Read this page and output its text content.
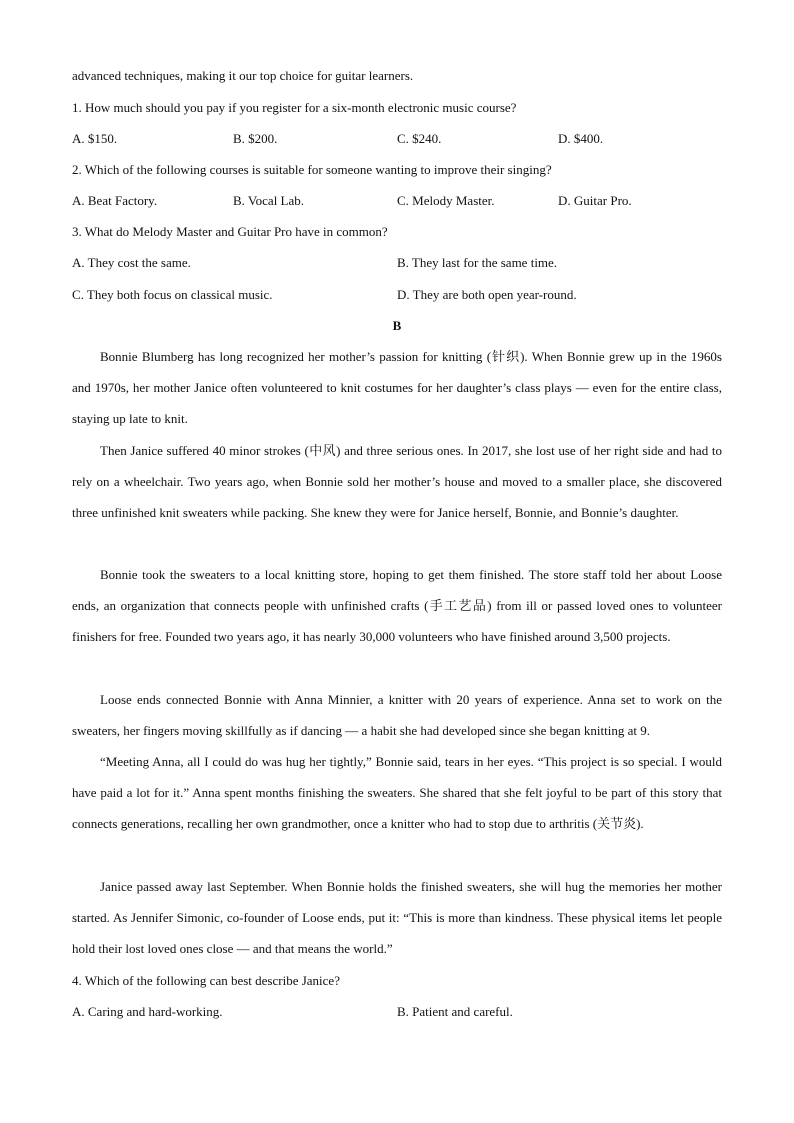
advanced techniques, making it our top choice for guitar learners.
1. How much should you pay if you register for a six-month electronic music course?
A. $150.	B. $200.	C. $240.	D. $400.
2. Which of the following courses is suitable for someone wanting to improve their singing?
A. Beat Factory.	B. Vocal Lab.	C. Melody Master.	D. Guitar Pro.
3. What do Melody Master and Guitar Pro have in common?
A. They cost the same.	B. They last for the same time.
C. They both focus on classical music.	D. They are both open year-round.
B
Bonnie Blumberg has long recognized her mother’s passion for knitting (针织). When Bonnie grew up in the 1960s and 1970s, her mother Janice often volunteered to knit costumes for her daughter’s class plays — even for the entire class, staying up late to knit.
Then Janice suffered 40 minor strokes (中风) and three serious ones. In 2017, she lost use of her right side and had to rely on a wheelchair. Two years ago, when Bonnie sold her mother’s house and moved to a smaller place, she discovered three unfinished knit sweaters while packing. She knew they were for Janice herself, Bonnie, and Bonnie’s daughter.
Bonnie took the sweaters to a local knitting store, hoping to get them finished. The store staff told her about Loose ends, an organization that connects people with unfinished crafts (手工艺品) from ill or passed loved ones to volunteer finishers for free. Founded two years ago, it has nearly 30,000 volunteers who have finished around 3,500 projects.
Loose ends connected Bonnie with Anna Minnier, a knitter with 20 years of experience. Anna set to work on the sweaters, her fingers moving skillfully as if dancing — a habit she had developed since she began knitting at 9.
“Meeting Anna, all I could do was hug her tightly,” Bonnie said, tears in her eyes. “This project is so special. I would have paid a lot for it.” Anna spent months finishing the sweaters. She shared that she felt joyful to be part of this story that connects generations, recalling her own grandmother, once a knitter who had to stop due to arthritis (关节炎).
Janice passed away last September. When Bonnie holds the finished sweaters, she will hug the memories her mother started. As Jennifer Simonic, co-founder of Loose ends, put it: “This is more than kindness. These physical items let people hold their lost loved ones close — and that means the world.”
4. Which of the following can best describe Janice?
A. Caring and hard-working.	B. Patient and careful.
